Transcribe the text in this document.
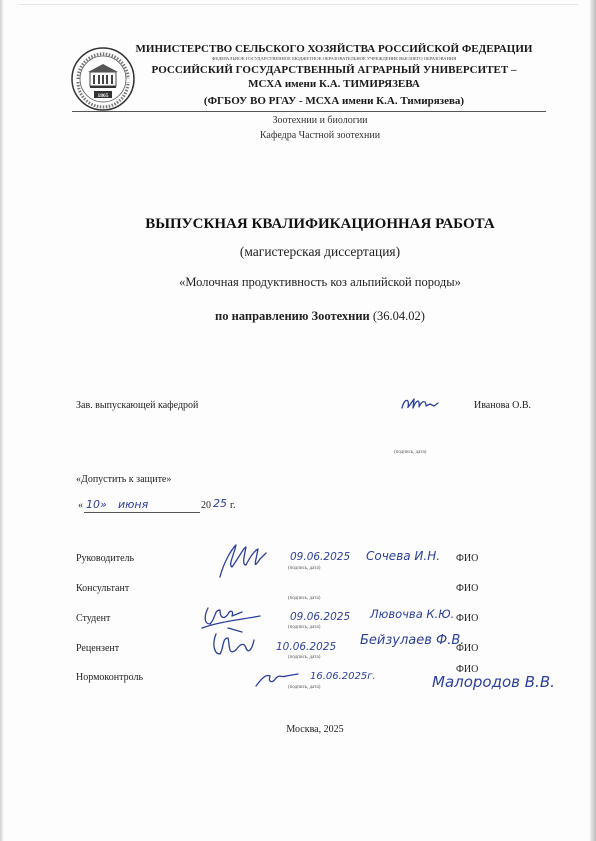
1865
МИНИСТЕРСТВО СЕЛЬСКОГО ХОЗЯЙСТВА РОССИЙСКОЙ ФЕДЕРАЦИИ
ФЕДЕРАЛЬНОЕ ГОСУДАРСТВЕННОЕ БЮДЖЕТНОЕ ОБРАЗОВАТЕЛЬНОЕ УЧРЕЖДЕНИЕ ВЫСШЕГО ОБРАЗОВАНИЯ
РОССИЙСКИЙ ГОСУДАРСТВЕННЫЙ АГРАРНЫЙ УНИВЕРСИТЕТ –
МСХА имени К.А. ТИМИРЯЗЕВА
(ФГБОУ ВО РГАУ - МСХА имени К.А. Тимирязева)
Зоотехнии и биологии
Кафедра Частной зоотехнии
ВЫПУСКНАЯ КВАЛИФИКАЦИОННАЯ РАБОТА
(магистерская диссертация)
«Молочная продуктивность коз альпийской породы»
по направлению Зоотехнии (36.04.02)
Зав. выпускающей кафедрой	Иванова О.В.
(подпись, дата)
«Допустить к защите»
« 10» июня	20 25 г.
Руководитель	09.06.2025 Сочева И.Н. ФИО
(подпись, дата)
Консультант	ФИО
(подпись, дата)
Студент	09.06.2025 Лювочва К.Ю. ФИО
(подпись, дата)
Рецензент	10.06.2025 Бейзулаев Ф.В.
ФИО
(подпись, дата)
Нормоконтроль	16.06.2025г.	Малородов В.В.
ФИО
(подпись, дата)
Москва, 2025
